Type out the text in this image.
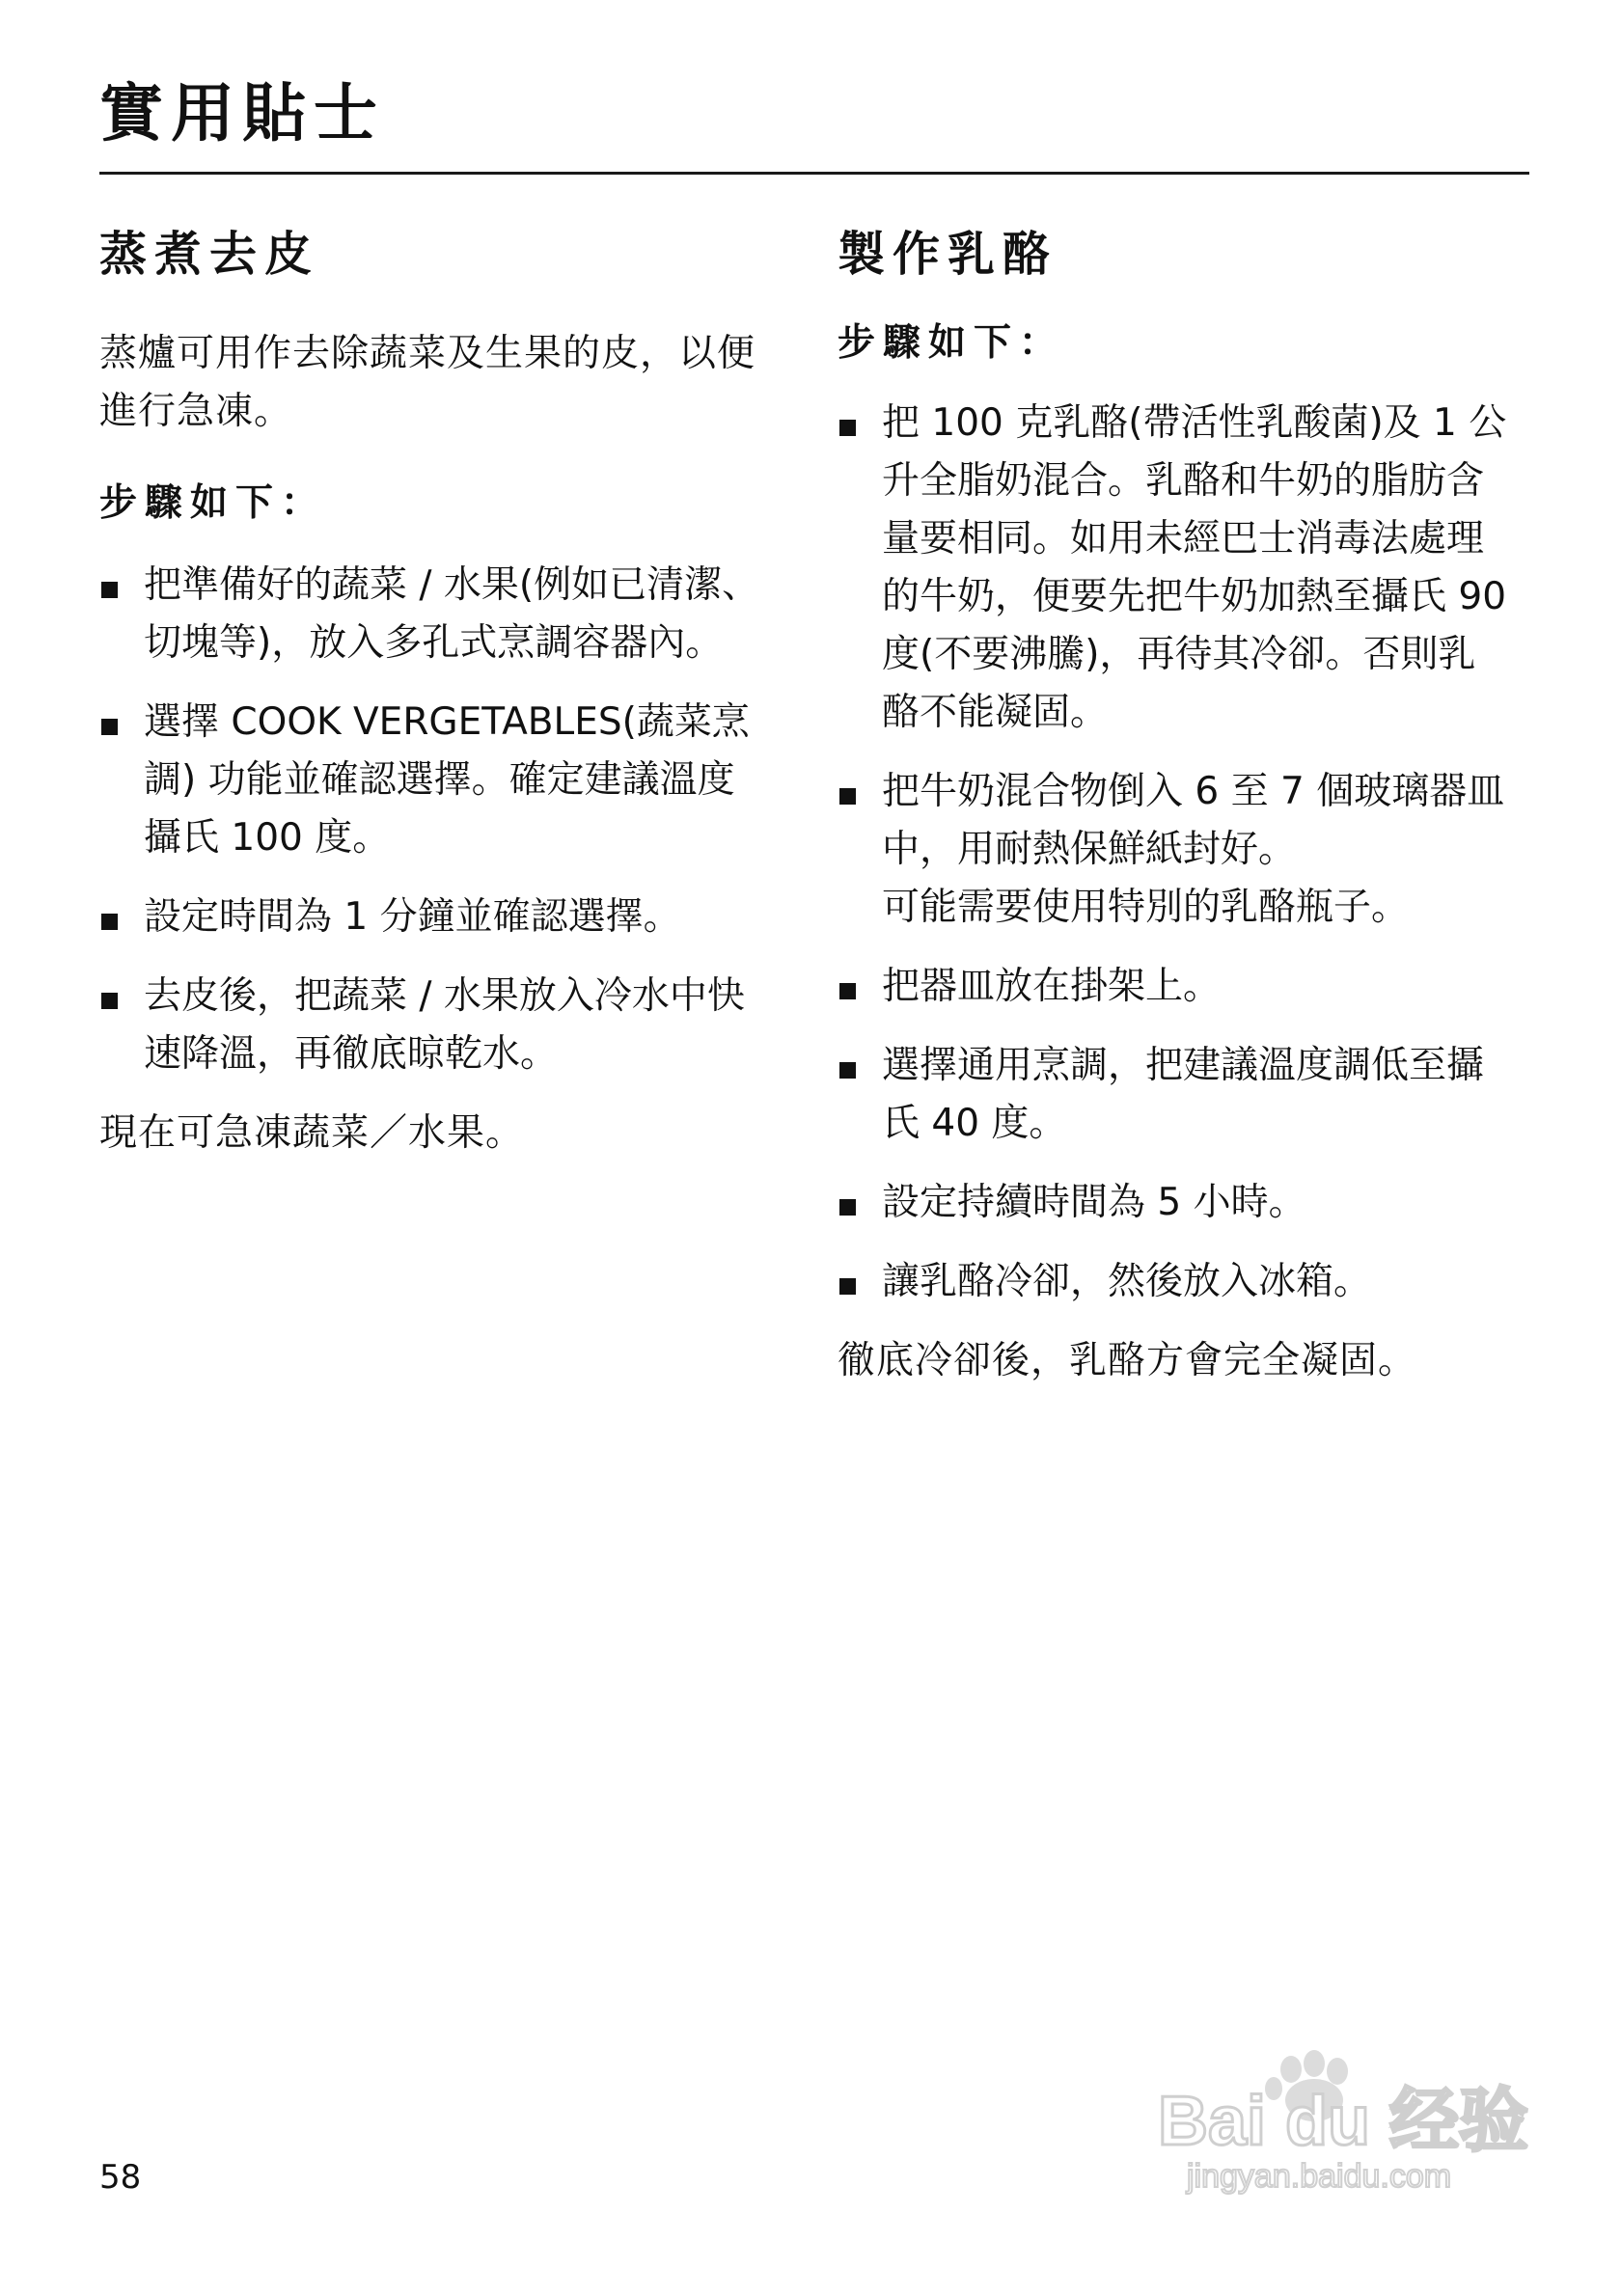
實用貼士
蒸煮去皮

蒸爐可用作去除蔬菜及生果的皮，以便
進行急凍。

步驟如下：
把準備好的蔬菜 / 水果(例如已清潔、
切塊等)，放入多孔式烹調容器內。
選擇 COOK VERGETABLES(蔬菜烹
調) 功能並確認選擇。確定建議溫度
攝氏 100 度。
設定時間為 1 分鐘並確認選擇。
去皮後，把蔬菜 / 水果放入冷水中快
速降溫，再徹底晾乾水。

現在可急凍蔬菜／水果。

製作乳酪
步驟如下：
把 100 克乳酪(帶活性乳酸菌)及 1 公
升全脂奶混合。乳酪和牛奶的脂肪含
量要相同。如用未經巴士消毒法處理
的牛奶，便要先把牛奶加熱至攝氏 90
度(不要沸騰)，再待其冷卻。否則乳
酪不能凝固。
把牛奶混合物倒入 6 至 7 個玻璃器皿
中，用耐熱保鮮紙封好。
可能需要使用特別的乳酪瓶子。
把器皿放在掛架上。
選擇通用烹調，把建議溫度調低至攝
氏 40 度。
設定持續時間為 5 小時。
讓乳酪冷卻，然後放入冰箱。

徹底冷卻後，乳酪方會完全凝固。

58
Bai du 经验
jingyan.baidu.com
